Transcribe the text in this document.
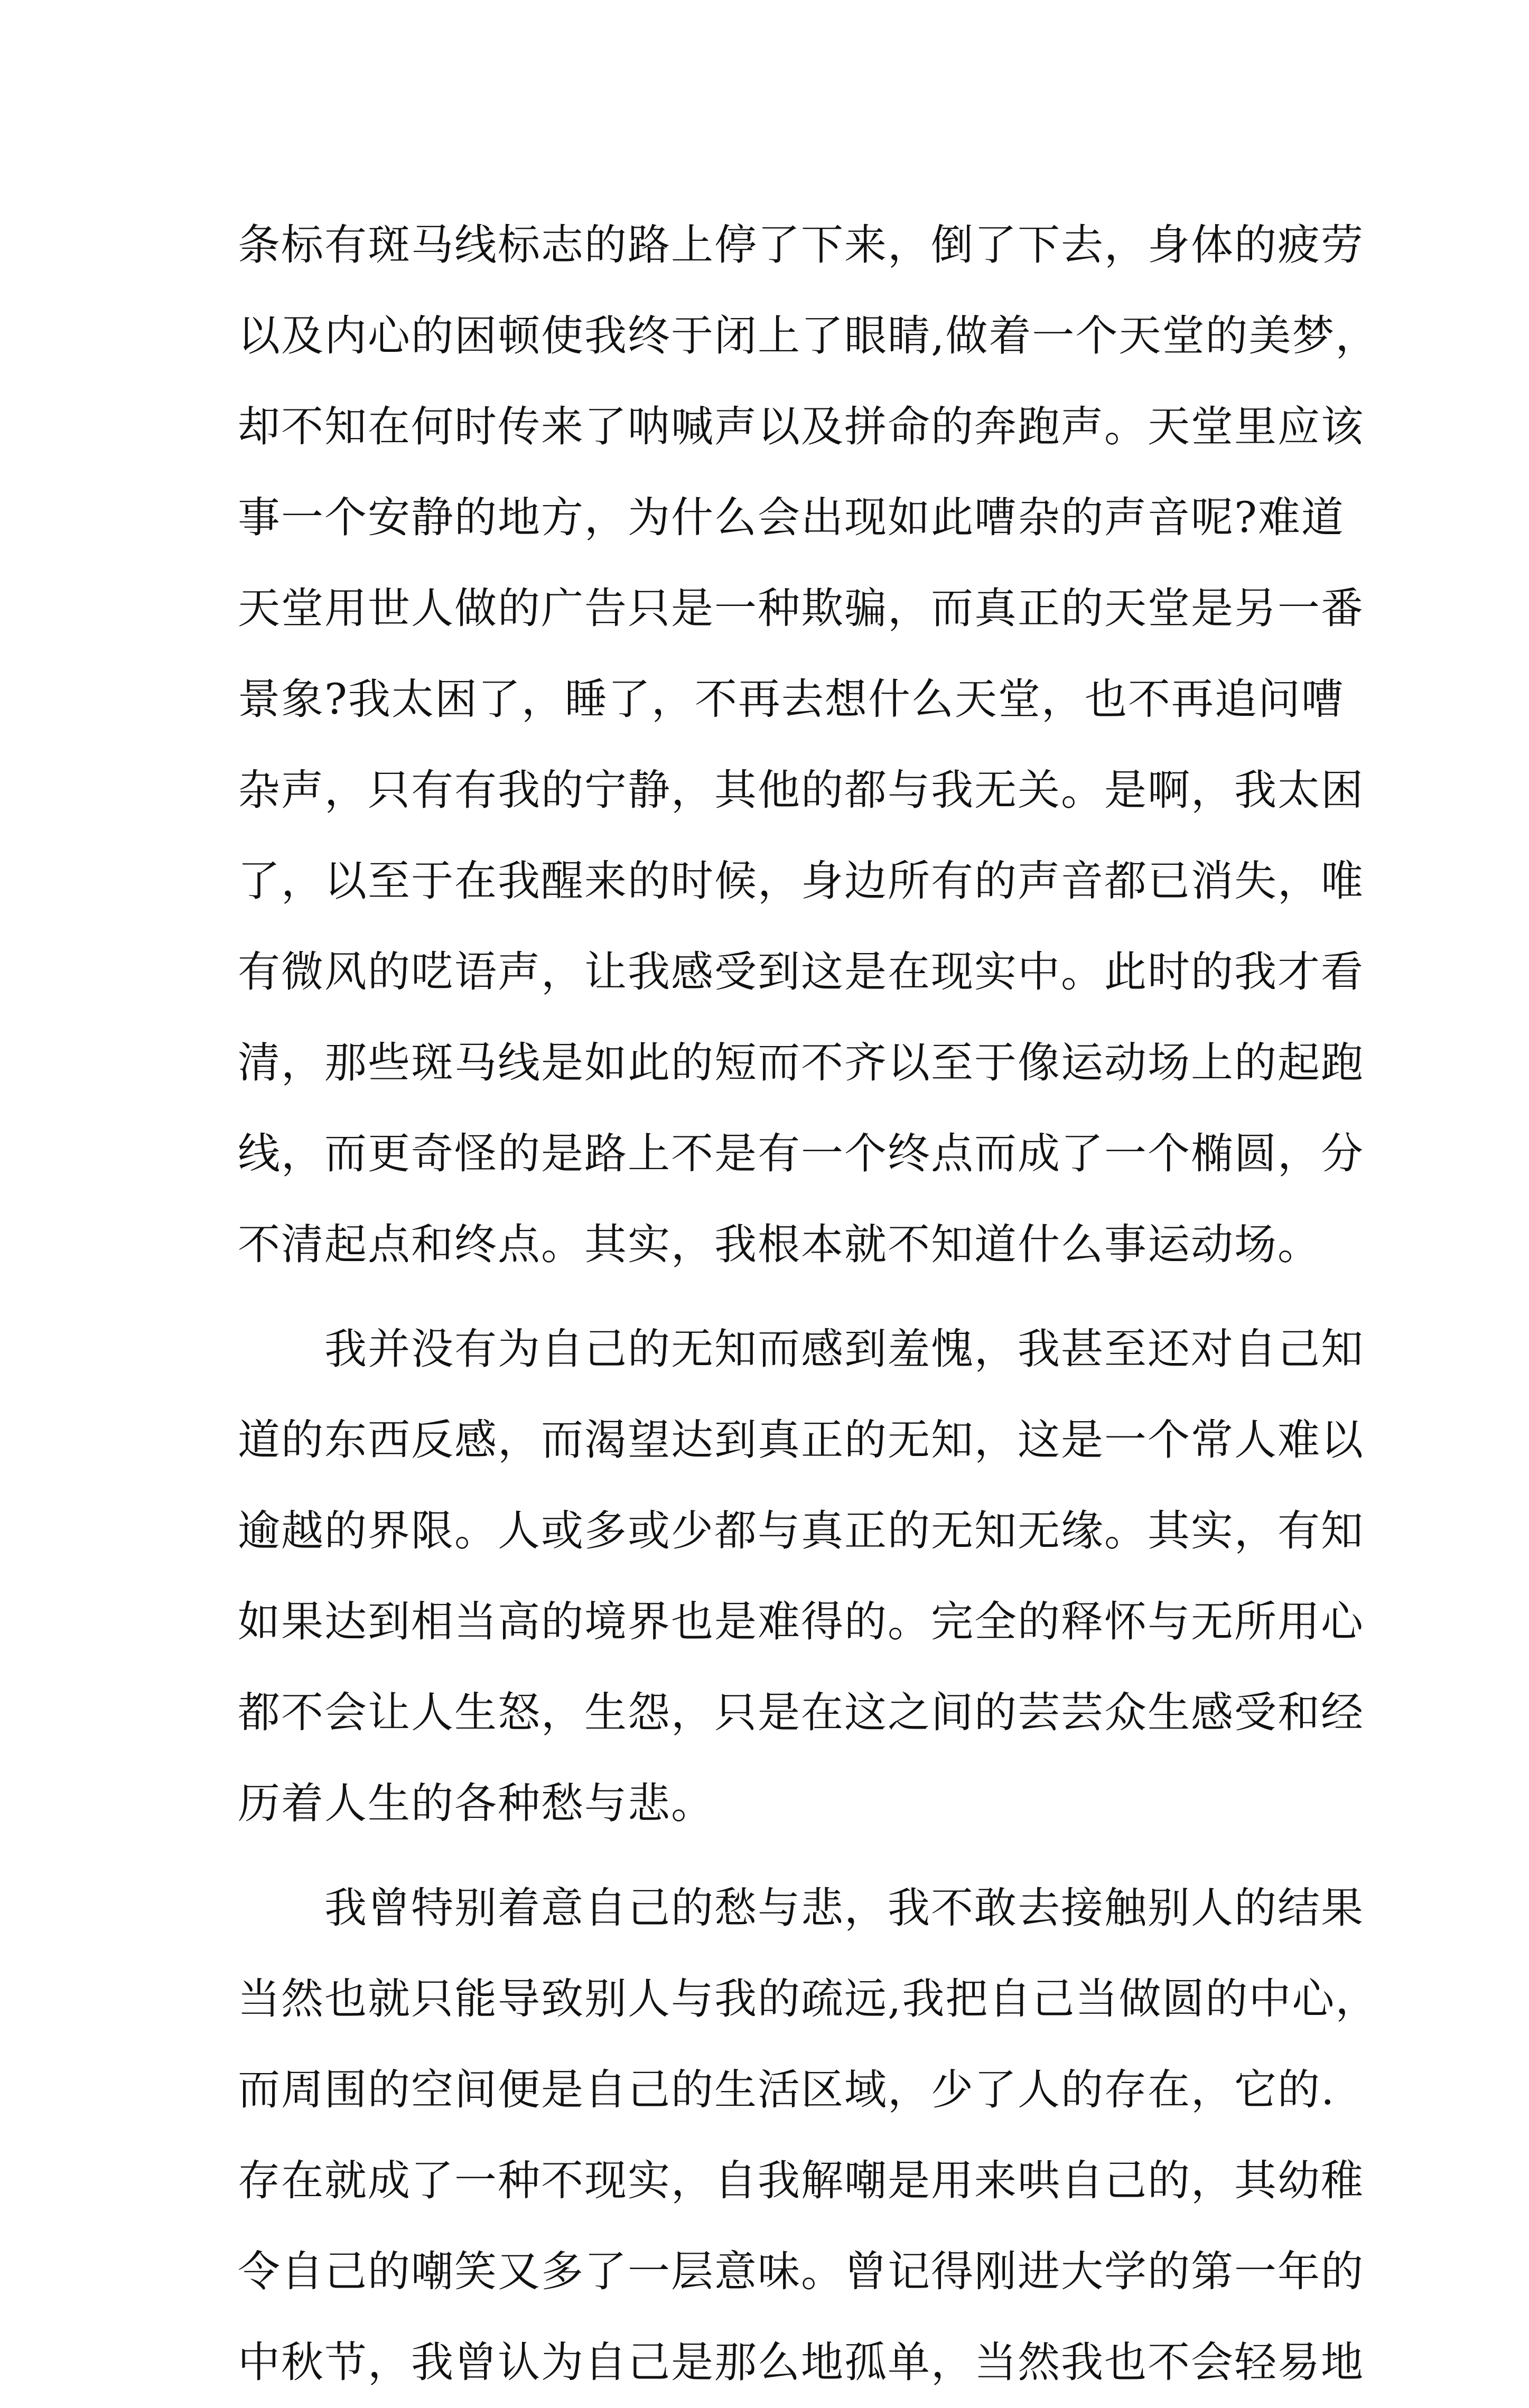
条标有斑马线标志的路上停了下来，倒了下去，身体的疲劳
以及内心的困顿使我终于闭上了眼睛,做着一个天堂的美梦，
却不知在何时传来了呐喊声以及拼命的奔跑声。天堂里应该
事一个安静的地方，为什么会出现如此嘈杂的声音呢?难道
天堂用世人做的广告只是一种欺骗，而真正的天堂是另一番
景象?我太困了，睡了，不再去想什么天堂，也不再追问嘈
杂声，只有有我的宁静，其他的都与我无关。是啊，我太困
了，以至于在我醒来的时候，身边所有的声音都已消失，唯
有微风的呓语声，让我感受到这是在现实中。此时的我才看
清，那些斑马线是如此的短而不齐以至于像运动场上的起跑
线，而更奇怪的是路上不是有一个终点而成了一个椭圆，分
不清起点和终点。其实，我根本就不知道什么事运动场。
　　我并没有为自己的无知而感到羞愧，我甚至还对自己知
道的东西反感，而渴望达到真正的无知，这是一个常人难以
逾越的界限。人或多或少都与真正的无知无缘。其实，有知
如果达到相当高的境界也是难得的。完全的释怀与无所用心
都不会让人生怒，生怨，只是在这之间的芸芸众生感受和经
历着人生的各种愁与悲。
　　我曾特别着意自己的愁与悲，我不敢去接触别人的结果
当然也就只能导致别人与我的疏远,我把自己当做圆的中心，
而周围的空间便是自己的生活区域，少了人的存在，它的.
存在就成了一种不现实，自我解嘲是用来哄自己的，其幼稚
令自己的嘲笑又多了一层意味。曾记得刚进大学的第一年的
中秋节，我曾认为自己是那么地孤单，当然我也不会轻易地
